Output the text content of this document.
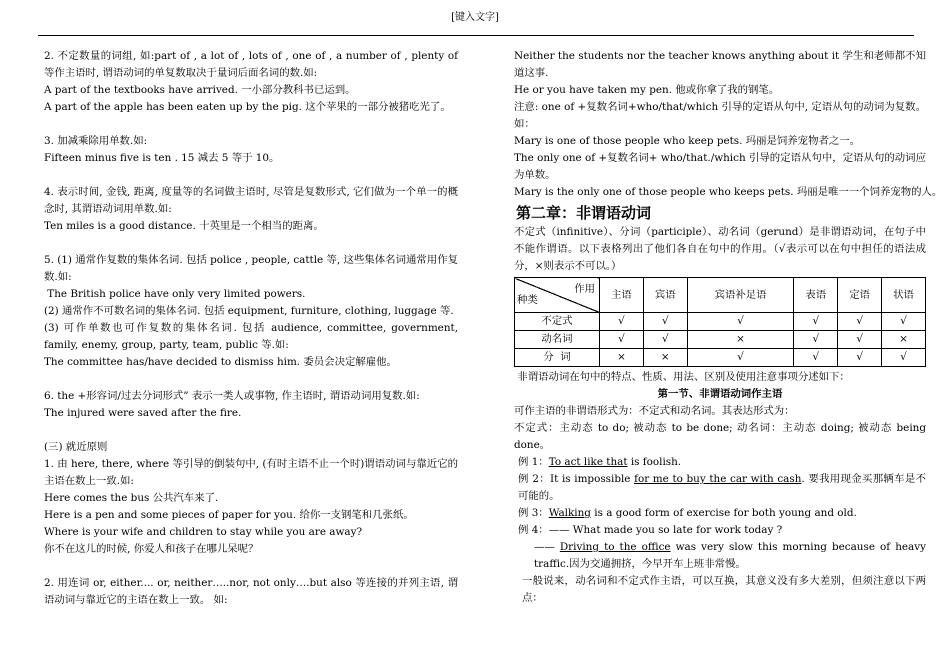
[键入文字]

2. 不定数量的词组, 如:part of , a lot of , lots of , one of , a number of , plenty of 等作主语时, 谓语动词的单复数取决于量词后面名词的数.如:

A part of the textbooks have arrived. 一小部分教科书已运到。

A part of the apple has been eaten up by the pig. 这个苹果的一部分被猪吃光了。

3. 加减乘除用单数.如:

Fifteen minus five is ten . 15 减去 5 等于 10。

4. 表示时间, 金钱, 距离, 度量等的名词做主语时, 尽管是复数形式, 它们做为一个单一的概念时, 其谓语动词用单数.如:

Ten miles is a good distance. 十英里是一个相当的距离。

5. (1) 通常作复数的集体名词. 包括 police , people, cattle 等, 这些集体名词通常用作复数.如:

The British police have only very limited powers.

(2) 通常作不可数名词的集体名词. 包括 equipment, furniture, clothing, luggage 等.

(3) 可作单数也可作复数的集体名词. 包括 audience, committee, government, family, enemy, group, party, team, public 等.如:

The committee has/have decided to dismiss him. 委员会决定解雇他。

6. the +形容词/过去分词形式” 表示一类人或事物, 作主语时, 谓语动词用复数.如:

The injured were saved after the fire.

(三) 就近原则

1. 由 here, there, where 等引导的倒装句中, (有时主语不止一个时)谓语动词与靠近它的主语在数上一致.如:

Here comes the bus 公共汽车来了.

Here is a pen and some pieces of paper for you. 给你一支钢笔和几张纸。

Where is your wife and children to stay while you are away?

你不在这儿的时候, 你爱人和孩子在哪儿呆呢？

2. 用连词 or, either.... or, neither…..nor, not only….but also 等连接的并列主语, 谓语动词与靠近它的主语在数上一致。 如:

Neither the students nor the teacher knows anything about it 学生和老师都不知道这事.

He or you have taken my pen. 他或你拿了我的钢笔。

注意: one of +复数名词+who/that/which 引导的定语从句中, 定语从句的动词为复数。如：

Mary is one of those people who keep pets. 玛丽是饲养宠物者之一。

The only one of +复数名词+ who/that./which 引导的定语从句中，定语从句的动词应为单数。

Mary is the only one of those people who keeps pets. 玛丽是唯一一个饲养宠物的人。

第二章：非谓语动词

不定式（infinitive）、分词（participle）、动名词（gerund）是非谓语动词，在句子中不能作谓语。以下表格列出了他们各自在句中的作用。（√表示可以在句中担任的语法成分，×则表示不可以。）

作用
种类	主语	宾语	宾语补足语	表语	定语	状语
不定式	√	√	√	√	√	√
动名词	√	√	×	√	√	×
分  词	×	×	√	√	√	√

非谓语动词在句中的特点、性质、用法、区别及使用注意事项分述如下：

第一节、非谓语动词作主语

可作主语的非谓语形式为：不定式和动名词。其表达形式为：

不定式：主动态 to do; 被动态 to be done; 动名词：主动态 doing; 被动态 being done。

例 1：To act like that is foolish.

例 2：It is impossible for me to buy the car with cash. 要我用现金买那辆车是不可能的。

例 3：Walking is a good form of exercise for both young and old.

例 4：—— What made you so late for work today ?

—— Driving to the office was very slow this morning because of heavy traffic.因为交通拥挤，今早开车上班非常慢。

一般说来，动名词和不定式作主语，可以互换，其意义没有多大差别，但须注意以下两点：
